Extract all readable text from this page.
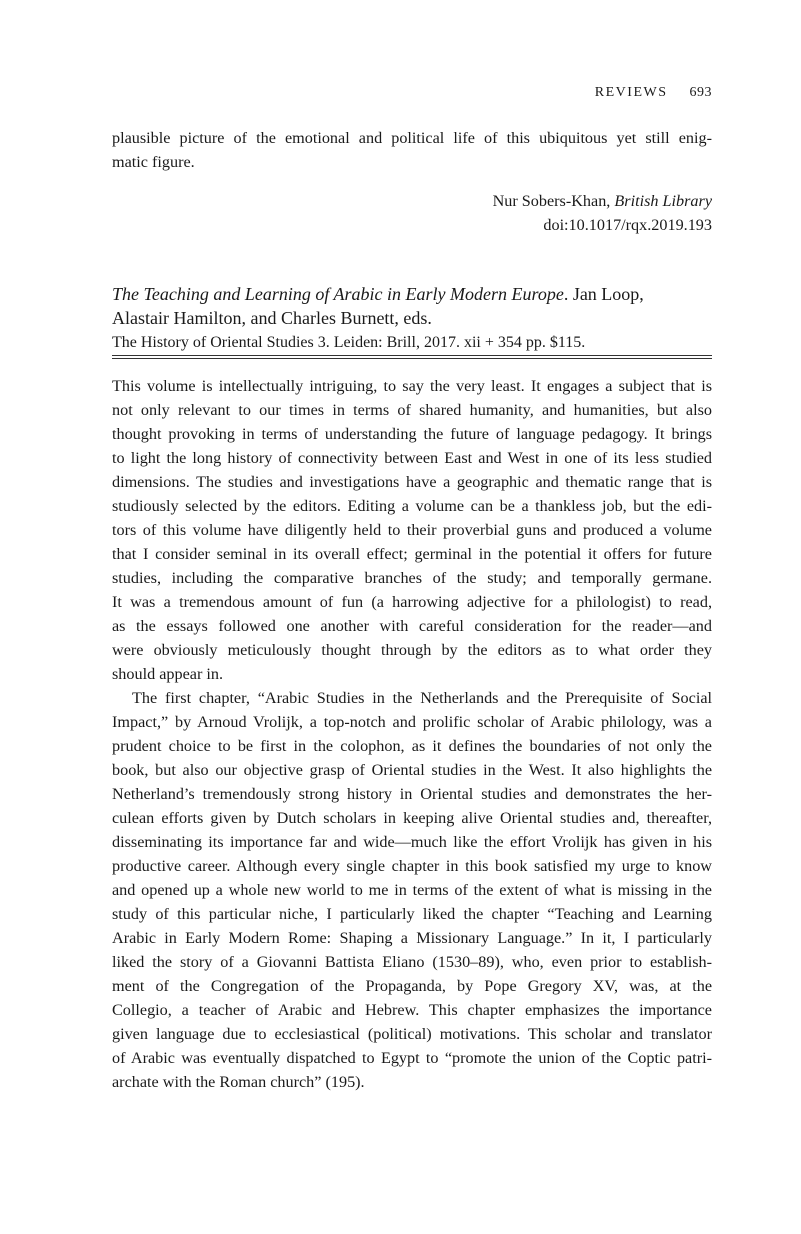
REVIEWS 693
plausible picture of the emotional and political life of this ubiquitous yet still enig-
matic figure.
Nur Sobers-Khan, British Library
doi:10.1017/rqx.2019.193
The Teaching and Learning of Arabic in Early Modern Europe. Jan Loop,
Alastair Hamilton, and Charles Burnett, eds.
The History of Oriental Studies 3. Leiden: Brill, 2017. xii + 354 pp. $115.
This volume is intellectually intriguing, to say the very least. It engages a subject that is
not only relevant to our times in terms of shared humanity, and humanities, but also
thought provoking in terms of understanding the future of language pedagogy. It brings
to light the long history of connectivity between East and West in one of its less studied
dimensions. The studies and investigations have a geographic and thematic range that is
studiously selected by the editors. Editing a volume can be a thankless job, but the edi-
tors of this volume have diligently held to their proverbial guns and produced a volume
that I consider seminal in its overall effect; germinal in the potential it offers for future
studies, including the comparative branches of the study; and temporally germane.
It was a tremendous amount of fun (a harrowing adjective for a philologist) to read,
as the essays followed one another with careful consideration for the reader—and
were obviously meticulously thought through by the editors as to what order they
should appear in.
The first chapter, “Arabic Studies in the Netherlands and the Prerequisite of Social
Impact,” by Arnoud Vrolijk, a top-notch and prolific scholar of Arabic philology, was a
prudent choice to be first in the colophon, as it defines the boundaries of not only the
book, but also our objective grasp of Oriental studies in the West. It also highlights the
Netherland’s tremendously strong history in Oriental studies and demonstrates the her-
culean efforts given by Dutch scholars in keeping alive Oriental studies and, thereafter,
disseminating its importance far and wide—much like the effort Vrolijk has given in his
productive career. Although every single chapter in this book satisfied my urge to know
and opened up a whole new world to me in terms of the extent of what is missing in the
study of this particular niche, I particularly liked the chapter “Teaching and Learning
Arabic in Early Modern Rome: Shaping a Missionary Language.” In it, I particularly
liked the story of a Giovanni Battista Eliano (1530–89), who, even prior to establish-
ment of the Congregation of the Propaganda, by Pope Gregory XV, was, at the
Collegio, a teacher of Arabic and Hebrew. This chapter emphasizes the importance
given language due to ecclesiastical (political) motivations. This scholar and translator
of Arabic was eventually dispatched to Egypt to “promote the union of the Coptic patri-
archate with the Roman church” (195).
